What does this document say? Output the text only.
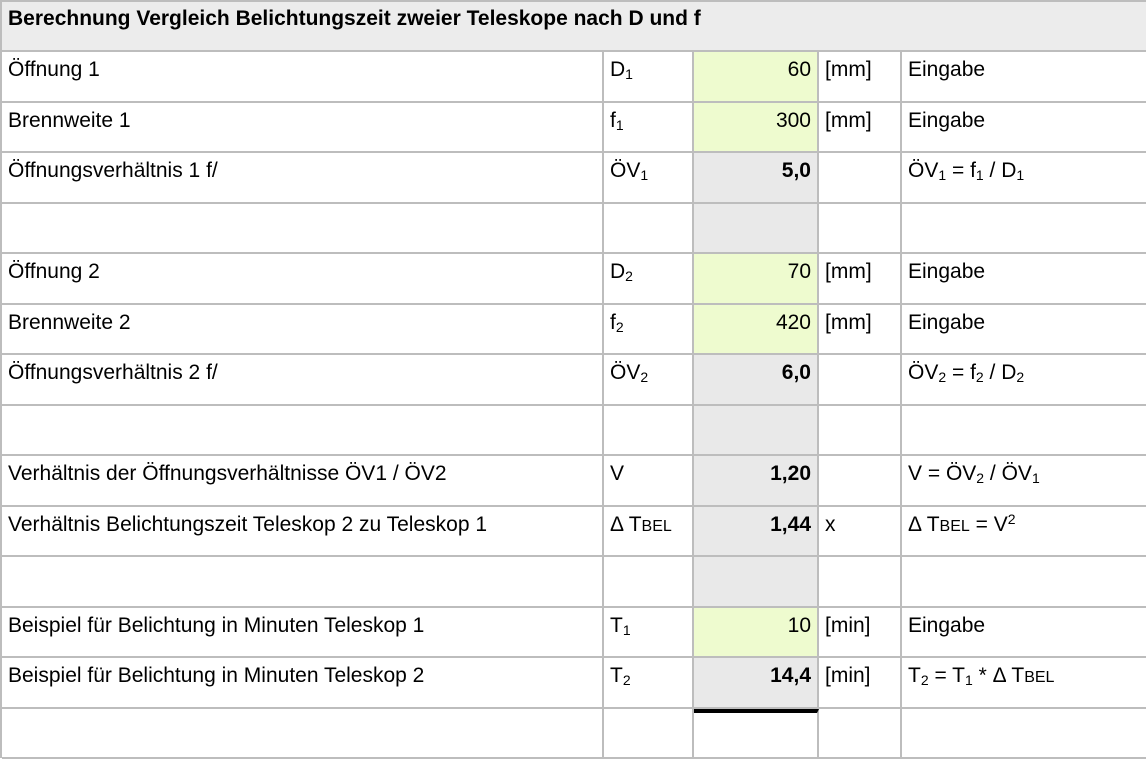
Berechnung Vergleich Belichtungszeit zweier Teleskope nach D und f
Öffnung 1	$D_1$	60 [mm]	Eingabe
Brennweite 1	$f_1$	300 [mm]	Eingabe
Öffnungsverhältnis 1 f/	$ÖV_1$	5,0	$ÖV_1 = f_1 / D_1$
Öffnung 2	$D_2$	70 [mm]	Eingabe
Brennweite 2	$f_2$	420 [mm]	Eingabe
Öffnungsverhältnis 2 f/	$ÖV_2$	6,0	$ÖV_2 = f_2 / D_2$
Verhältnis der Öffnungsverhältnisse ÖV1 / ÖV2	V	1,20	$V = ÖV_2$ / $ÖV_1$
Verhältnis Belichtungszeit Teleskop 2 zu Teleskop 1	Δ TBEL	1,44 x	Δ TBEL = $V^2$
Beispiel für Belichtung in Minuten Teleskop 1	$T_1$	10 [min]	Eingabe
Beispiel für Belichtung in Minuten Teleskop 2	$T_2$	14,4 [min]	$T_2 = T_1 * \Delta$ TBEL
